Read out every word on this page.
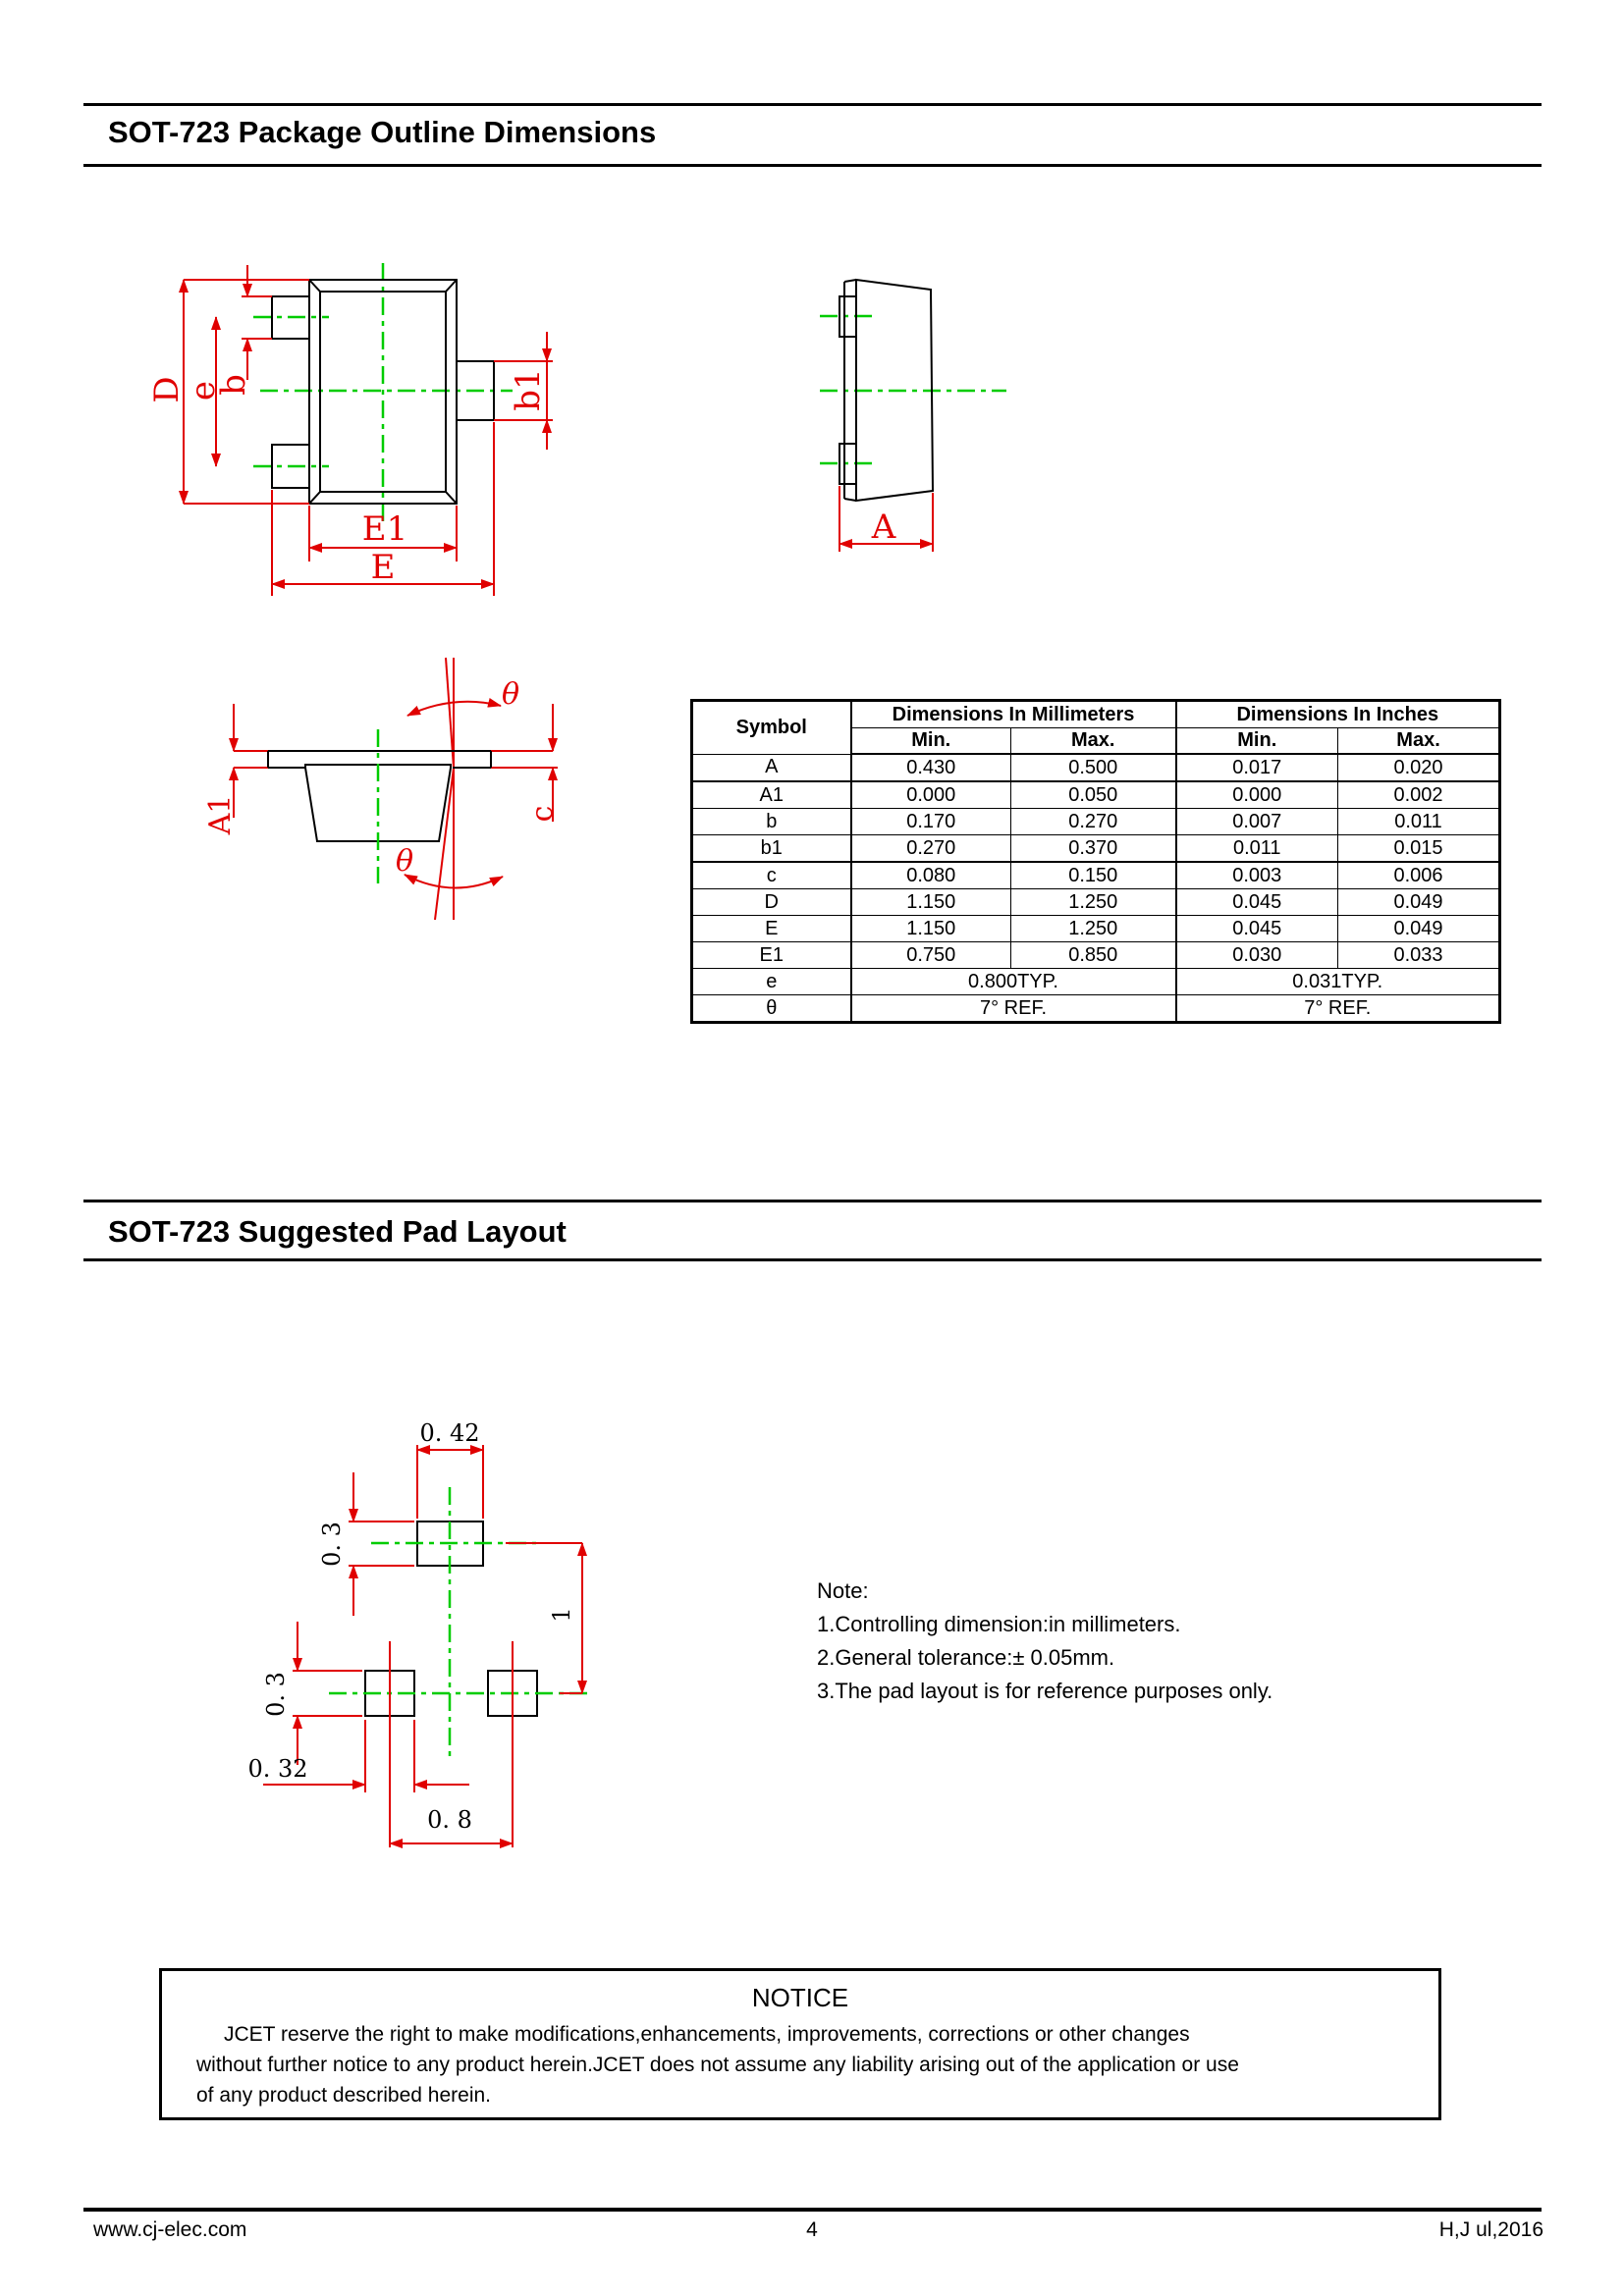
SOT-723 Package Outline Dimensions
D
e
b	b1
E1
E
A
A1	c
θ
θ
Symbol	Dimensions In Millimeters		Dimensions In Inches	
	Min.	Max.	Min.	Max.
A	0.430	0.500	0.017	0.020
A1	0.000	0.050	0.000	0.002
b	0.170	0.270	0.007	0.011
b1	0.270	0.370	0.011	0.015
c	0.080	0.150	0.003	0.006
D	1.150	1.250	0.045	0.049
E	1.150	1.250	0.045	0.049
E1	0.750	0.850	0.030	0.033
e	0.800TYP.		0.031TYP.	
θ	7° REF.		7° REF.	
SOT-723 Suggested Pad Layout
0. 42
0. 3
1
0. 3
0. 32
0. 8
Note:
1.Controlling dimension:in millimeters.
2.General tolerance:± 0.05mm.
3.The pad layout is for reference purposes only.
NOTICE
JCET reserve the right to make modifications,enhancements, improvements, corrections or other changes
without further notice to any product herein.JCET does not assume any liability arising out of the application or use
of any product described herein.
www.cj-elec.com	4	H,J ul,2016
